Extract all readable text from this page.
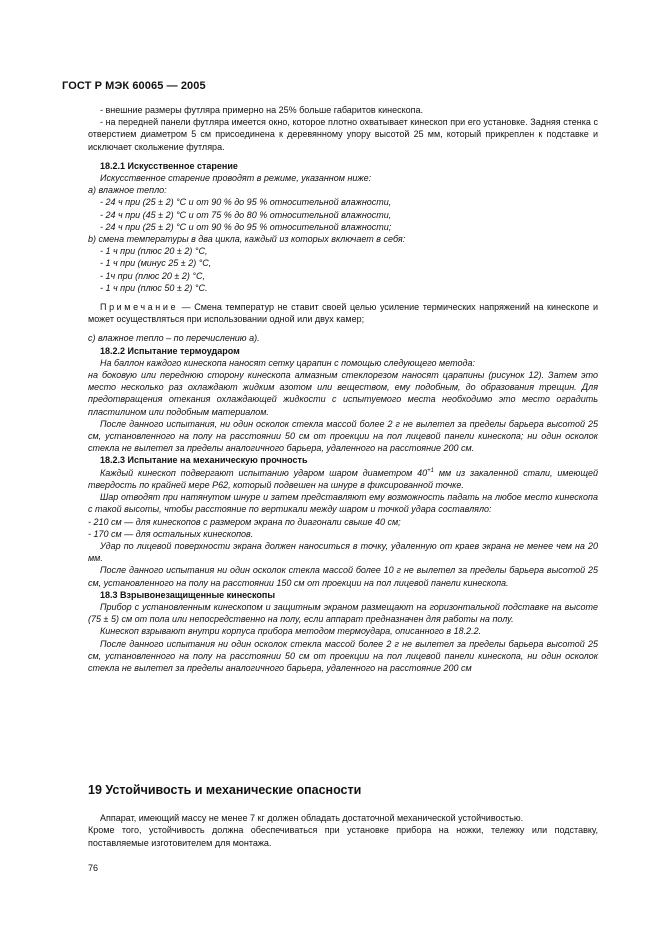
ГОСТ Р МЭК 60065 — 2005

- внешние размеры футляра примерно на 25% больше габаритов кинескопа.

- на передней панели футляра имеется окно, которое плотно охватывает кинескоп при его установке. Задняя стенка с отверстием диаметром 5 см присоединена к деревянному упору высотой 25 мм, который прикреплен к подставке и исключает скольжение футляра.

18.2.1 Искусственное старение

Искусственное старение проводят в режиме, указанном ниже:

a) влажное тепло:

- 24 ч при (25 ± 2) °C и от 90 % до 95 % относительной влажности,

- 24 ч при (45 ± 2) °C и от 75 % до 80 % относительной влажности,

- 24 ч при (25 ± 2) °C и от 90 % до 95 % относительной влажности;

b) смена температуры в два цикла, каждый из которых включает в себя:

- 1 ч при (плюс 20 ± 2) °C,

- 1 ч при (минус 25 ± 2) °C,

- 1ч при (плюс 20 ± 2) °C,

- 1 ч при (плюс 50 ± 2) °C.

Примечание — Смена температур не ставит своей целью усиление термических напряжений на кинескопе и может осуществляться при использовании одной или двух камер;

c) влажное тепло – по перечислению a).

18.2.2 Испытание термоударом

На баллон каждого кинескопа наносят сетку царапин с помощью следующего метода:

на боковую или переднюю сторону кинескопа алмазным стеклорезом наносят царапины (рисунок 12). Затем это место несколько раз охлаждают жидким азотом или веществом, ему подобным, до образования трещин. Для предотвращения отекания охлаждающей жидкости с испытуемого места необходимо это место оградить пластилином или подобным материалом.

После данного испытания, ни один осколок стекла массой более 2 г не вылетел за пределы барьера высотой 25 см, установленного на полу на расстоянии 50 см от проекции на пол лицевой панели кинескопа; ни один осколок стекла не вылетел за пределы аналогичного барьера, удаленного на расстояние 200 см.

18.2.3 Испытание на механическую прочность

Каждый кинескоп подвергают испытанию ударом шаром диаметром $40^{+1}$ мм из закаленной стали, имеющей твердость по крайней мере Р62, который подвешен на шнуре в фиксированной точке.

Шар отводят при натянутом шнуре и затем представляют ему возможность падать на любое место кинескопа с такой высоты, чтобы расстояние по вертикали между шаром и точкой удара составляло:

- 210 см — для кинескопов с размером экрана по диагонали свыше 40 см;

- 170 см — для остальных кинескопов.

Удар по лицевой поверхности экрана должен наноситься в точку, удаленную от краев экрана не менее чем на 20 мм.

После данного испытания ни один осколок стекла массой более 10 г не вылетел за пределы барьера высотой 25 см, установленного на полу на расстоянии 150 см от проекции на пол лицевой панели кинескопа.

18.3 Взрывонезащищенные кинескопы

Прибор с установленным кинескопом и защитным экраном размещают на горизонтальной подставке на высоте (75 ± 5) см от пола или непосредственно на полу, если аппарат предназначен для работы на полу.

Кинескоп взрывают внутри корпуса прибора методом термоудара, описанного в 18.2.2.

После данного испытания ни один осколок стекла массой более 2 г не вылетел за пределы барьера высотой 25 см, установленного на полу на расстоянии 50 см от проекции на пол лицевой панели кинескопа, ни один осколок стекла не вылетел за пределы аналогичного барьера, удаленного на расстояние 200 см

19 Устойчивость и механические опасности

Аппарат, имеющий массу не менее 7 кг должен обладать достаточной механической устойчивостью.

Кроме того, устойчивость должна обеспечиваться при установке прибора на ножки, тележку или подставку, поставляемые изготовителем для монтажа.

76
